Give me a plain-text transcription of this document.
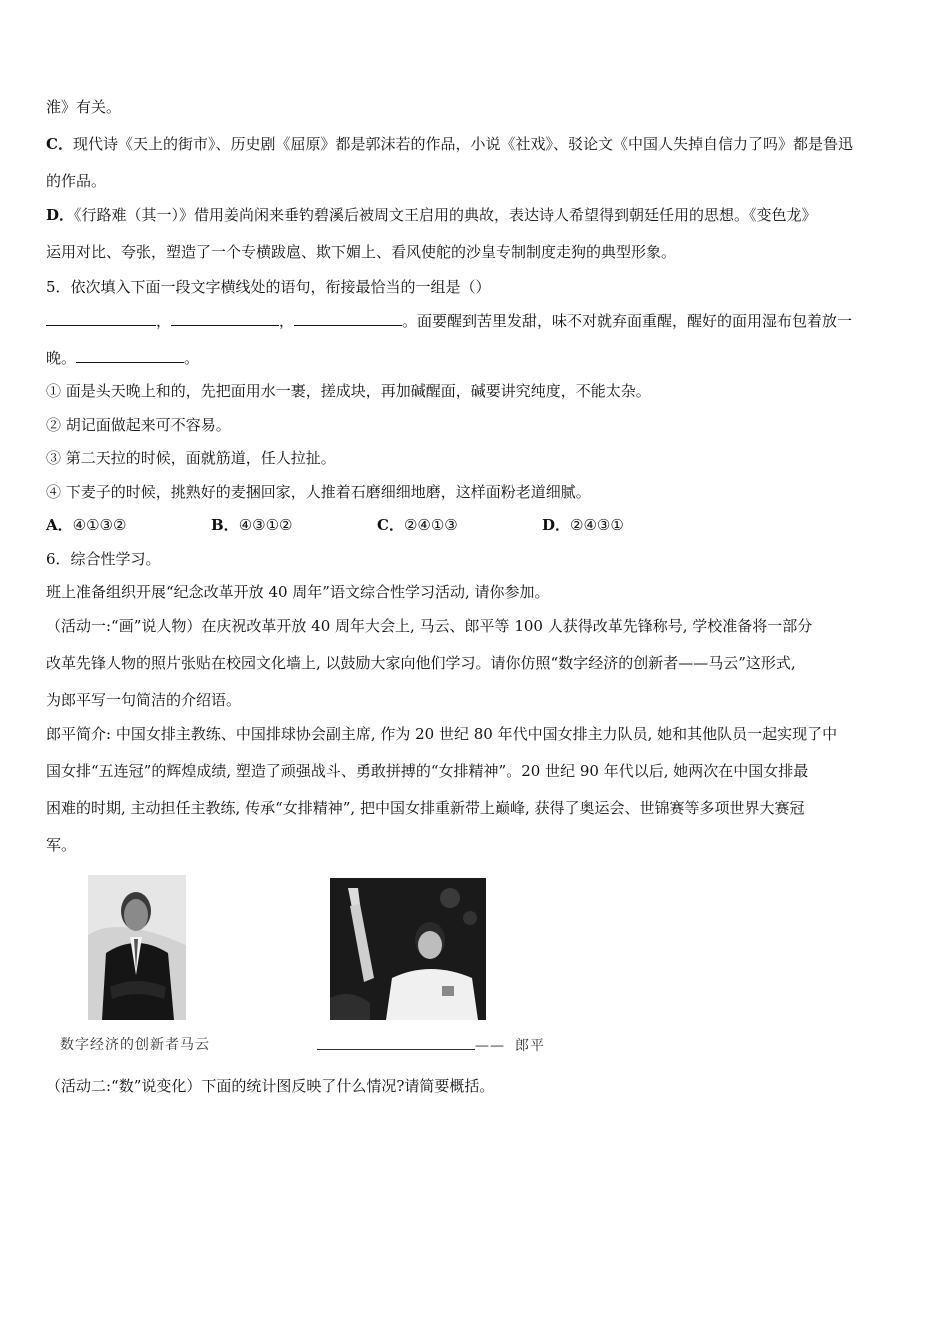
淮》有关。
C．现代诗《天上的街市》、历史剧《屈原》都是郭沫若的作品，小说《社戏》、驳论文《中国人失掉自信力了吗》都是鲁迅
的作品。
D．《行路难（其一）》借用姜尚闲来垂钓碧溪后被周文王启用的典故，表达诗人希望得到朝廷任用的思想。《变色龙》
运用对比、夸张，塑造了一个专横跋扈、欺下媚上、看风使舵的沙皇专制制度走狗的典型形象。
5．依次填入下面一段文字横线处的语句，衔接最恰当的一组是（）
，	，	。面要醒到苦里发甜，味不对就弃面重醒，醒好的面用湿布包着放一
晚。	。
① 面是头天晚上和的，先把面用水一裹，搓成块，再加碱醒面，碱要讲究纯度，不能太杂。
② 胡记面做起来可不容易。
③ 第二天拉的时候，面就筋道，任人拉扯。
④ 下麦子的时候，挑熟好的麦捆回家，人推着石磨细细地磨，这样面粉老道细腻。
A．④①③②	B．④③①②	C．②④①③	D．②④③①
6．综合性学习。
班上准备组织开展“纪念改革开放 40 周年”语文综合性学习活动, 请你参加。
（活动一:“画”说人物）在庆祝改革开放 40 周年大会上, 马云、郎平等 100 人获得改革先锋称号, 学校准备将一部分
改革先锋人物的照片张贴在校园文化墙上, 以鼓励大家向他们学习。请你仿照“数字经济的创新者——马云”这形式,
为郎平写一句简洁的介绍语。
郎平简介: 中国女排主教练、中国排球协会副主席, 作为 20 世纪 80 年代中国女排主力队员, 她和其他队员一起实现了中
国女排“五连冠”的辉煌成绩, 塑造了顽强战斗、勇敢拼搏的“女排精神”。20 世纪 90 年代以后, 她两次在中国女排最
困难的时期, 主动担任主教练, 传承“女排精神”, 把中国女排重新带上巅峰, 获得了奥运会、世锦赛等多项世界大赛冠
军。
数字经济的创新者马云	—— 郎平
（活动二:“数”说变化）下面的统计图反映了什么情况?请简要概括。
